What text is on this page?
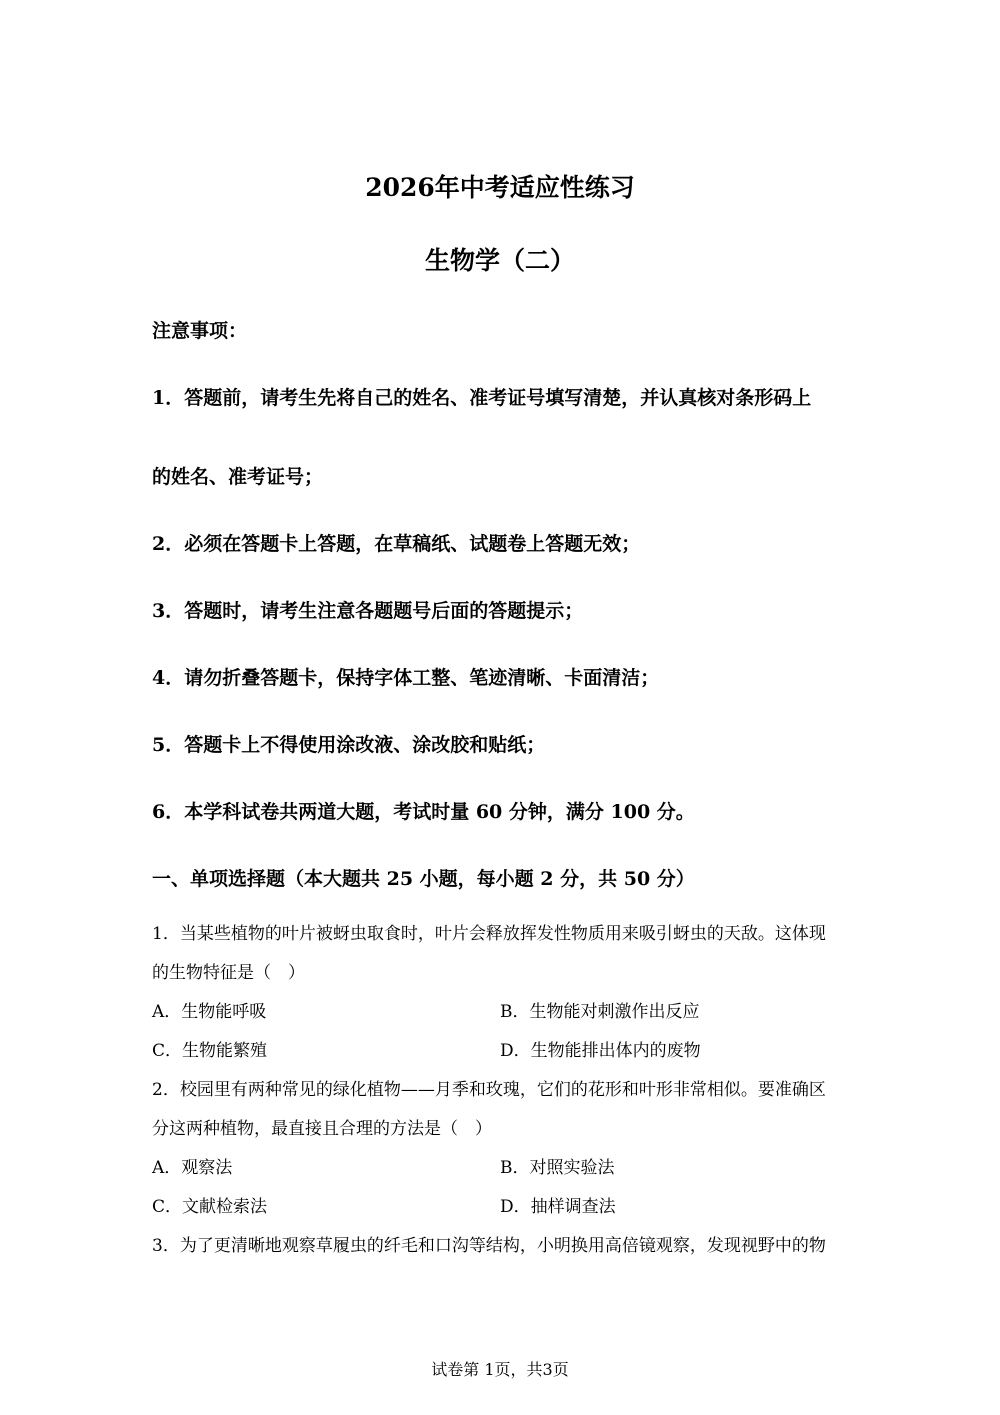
2026年中考适应性练习
生物学（二）
注意事项：
1．答题前，请考生先将自己的姓名、准考证号填写清楚，并认真核对条形码上
的姓名、准考证号；
2．必须在答题卡上答题，在草稿纸、试题卷上答题无效；
3．答题时，请考生注意各题题号后面的答题提示；
4．请勿折叠答题卡，保持字体工整、笔迹清晰、卡面清洁；
5．答题卡上不得使用涂改液、涂改胶和贴纸；
6．本学科试卷共两道大题，考试时量 60 分钟，满分 100 分。
一、单项选择题（本大题共 25 小题，每小题 2 分，共 50 分）
1．当某些植物的叶片被蚜虫取食时，叶片会释放挥发性物质用来吸引蚜虫的天敌。这体现
的生物特征是（　）
A．生物能呼吸	B．生物能对刺激作出反应
C．生物能繁殖	D．生物能排出体内的废物
2．校园里有两种常见的绿化植物——月季和玫瑰，它们的花形和叶形非常相似。要准确区
分这两种植物，最直接且合理的方法是（　）
A．观察法	B．对照实验法
C．文献检索法	D．抽样调查法
3．为了更清晰地观察草履虫的纤毛和口沟等结构，小明换用高倍镜观察，发现视野中的物
试卷第 1页，共3页
